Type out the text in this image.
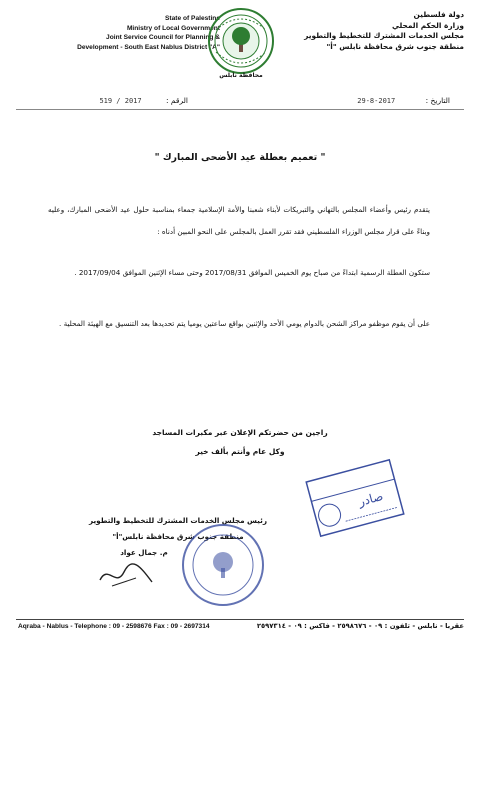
State of Palestine
Ministry of Local Government
Joint Service Council for Planning &
Development - South East Nablus District "A"
محافظة نابلس
دولة فلسطين
وزارة الحكم المحلي
مجلس الخدمات المشترك للتخطيط والتطوير
منطقة جنوب شرق محافظة نابلس "أ"
الرقم : 519 / 2017	التاريخ : 29-8-2017
" تعميم بعطلة عيد الأضحى المبارك "
يتقدم رئيس وأعضاء المجلس بالتهاني والتبريكات لأبناء شعبنا والأمة الإسلامية جمعاء بمناسبة حلول عيد الأضحى المبارك، وعليه وبناءً على قرار مجلس الوزراء الفلسطيني فقد تقرر العمل بالمجلس على النحو المبين أدناه :
ستكون العطلة الرسمية ابتداءً من صباح يوم الخميس الموافق 2017/08/31 وحتى مساء الإثنين الموافق 2017/09/04 .
على أن يقوم موظفو مراكز الشحن بالدوام يومي الأحد والإثنين بواقع ساعتين يوميا يتم تحديدها بعد التنسيق مع الهيئة المحلية .
راجين من حضرتكم الإعلان عبر مكبرات المساجد
وكل عام وأنتم بألف خير
صادر
رئيس مجلس الخدمات المشترك للتخطيط والتطوير
منطقة جنوب شرق محافظة نابلس"أ"
م. جمال عواد
Aqraba - Nablus - Telephone : 09 - 2598676 Fax : 09 - 2697314	عقربا - نابلس - تلفون : ٠٩ - ٢٥٩٨٦٧٦ - فاكس : ٠٩ - ٢٥٩٧٣١٤
